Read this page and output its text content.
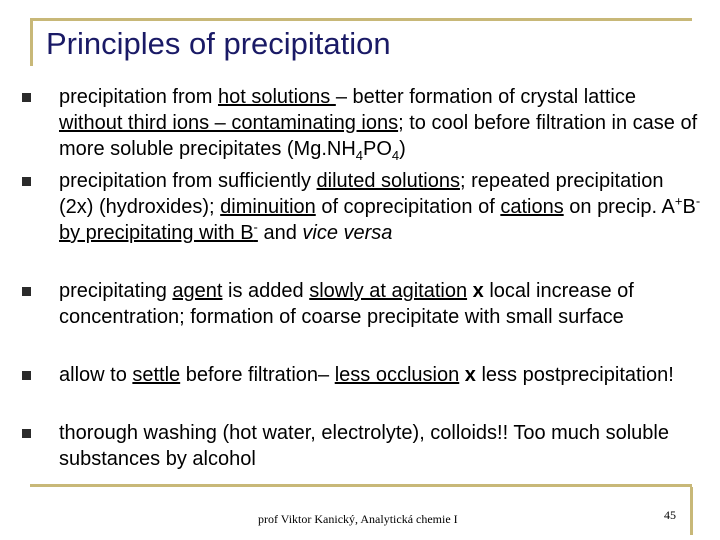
Principles of precipitation
precipitation from hot solutions – better formation of crystal lattice without third ions – contaminating ions; to cool before filtration in case of more soluble precipitates $(Mg.NH_4PO_4)$
precipitation from sufficiently diluted solutions; repeated precipitation (2x) (hydroxides); diminuition of coprecipitation of cations on precip. A+B- by precipitating with B- and vice versa
precipitating agent is added slowly at agitation x local increase of concentration; formation of coarse precipitate with small surface
allow to settle before filtration– less occlusion x less postprecipitation!
thorough washing (hot water, electrolyte), colloids!! Too much soluble substances by alcohol
prof Viktor Kanický, Analytická chemie I	45
